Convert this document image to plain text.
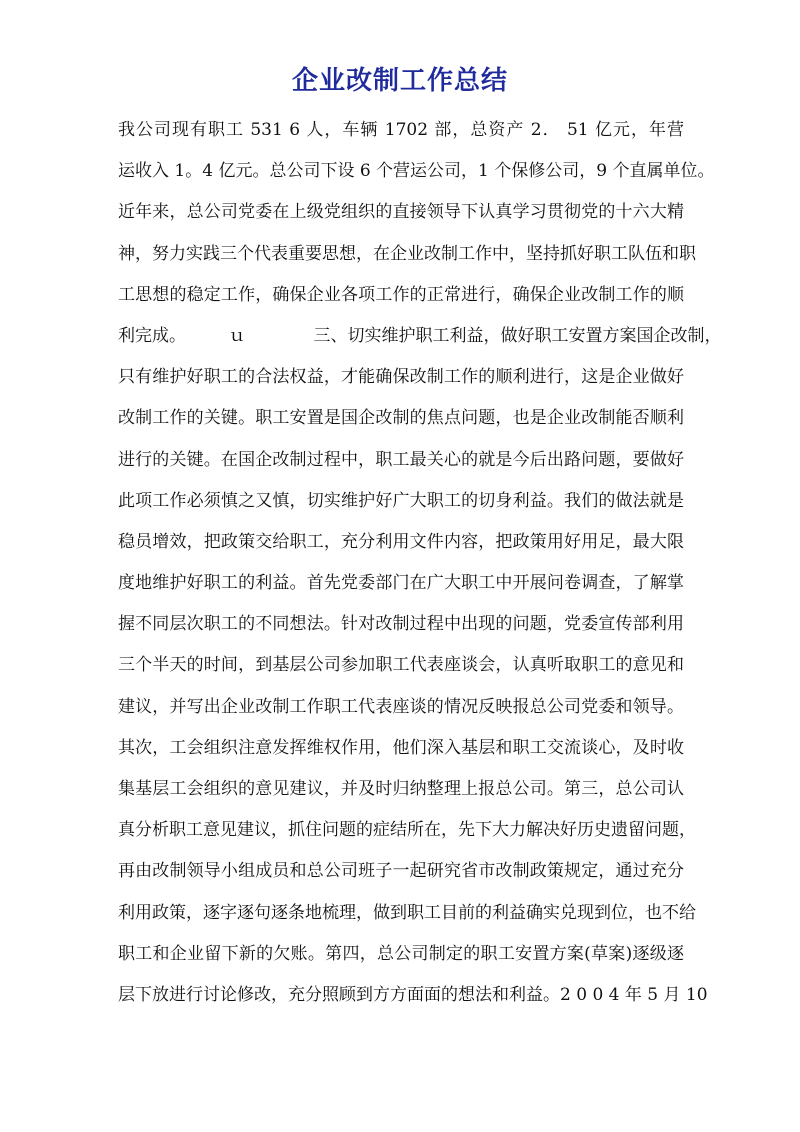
企业改制工作总结
我公司现有职工 531 6 人，车辆 1702 部，总资产 2． 51 亿元，年营
运收入 1。4 亿元。总公司下设 6 个营运公司，1 个保修公司，9 个直属单位。
近年来，总公司党委在上级党组织的直接领导下认真学习贯彻党的十六大精
神，努力实践三个代表重要思想，在企业改制工作中，坚持抓好职工队伍和职
工思想的稳定工作，确保企业各项工作的正常进行，确保企业改制工作的顺
利完成。　　　ｕ　　　　三、切实维护职工利益，做好职工安置方案国企改制，
只有维护好职工的合法权益，才能确保改制工作的顺利进行，这是企业做好
改制工作的关键。职工安置是国企改制的焦点问题，也是企业改制能否顺利
进行的关键。在国企改制过程中，职工最关心的就是今后出路问题，要做好
此项工作必须慎之又慎，切实维护好广大职工的切身利益。我们的做法就是
稳员增效，把政策交给职工，充分利用文件内容，把政策用好用足，最大限
度地维护好职工的利益。首先党委部门在广大职工中开展问卷调查，了解掌
握不同层次职工的不同想法。针对改制过程中出现的问题，党委宣传部利用
三个半天的时间，到基层公司参加职工代表座谈会，认真听取职工的意见和
建议，并写出企业改制工作职工代表座谈的情况反映报总公司党委和领导。
其次，工会组织注意发挥维权作用，他们深入基层和职工交流谈心，及时收
集基层工会组织的意见建议，并及时归纳整理上报总公司。第三，总公司认
真分析职工意见建议，抓住问题的症结所在，先下大力解决好历史遗留问题，
再由改制领导小组成员和总公司班子一起研究省市改制政策规定，通过充分
利用政策，逐字逐句逐条地梳理，做到职工目前的利益确实兑现到位，也不给
职工和企业留下新的欠账。第四，总公司制定的职工安置方案(草案)逐级逐
层下放进行讨论修改，充分照顾到方方面面的想法和利益。2 0 0 4 年 5 月 10
